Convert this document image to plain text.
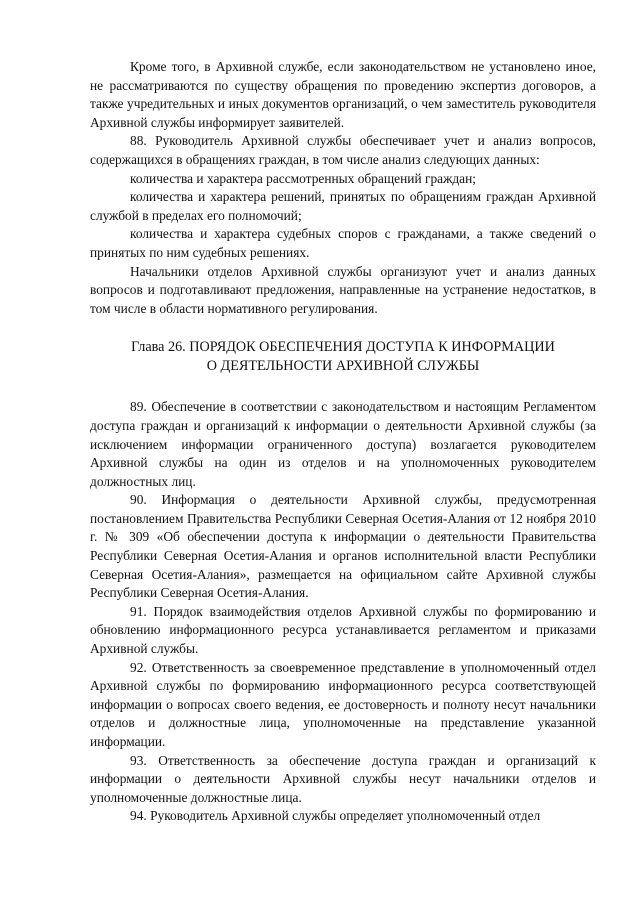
Кроме того, в Архивной службе, если законодательством не установлено иное, не рассматриваются по существу обращения по проведению экспертиз договоров, а также учредительных и иных документов организаций, о чем заместитель руководителя Архивной службы информирует заявителей.

88. Руководитель Архивной службы обеспечивает учет и анализ вопросов, содержащихся в обращениях граждан, в том числе анализ следующих данных:

количества и характера рассмотренных обращений граждан;

количества и характера решений, принятых по обращениям граждан Архивной службой в пределах его полномочий;

количества и характера судебных споров с гражданами, а также сведений о принятых по ним судебных решениях.

Начальники отделов Архивной службы организуют учет и анализ данных вопросов и подготавливают предложения, направленные на устранение недостатков, в том числе в области нормативного регулирования.

Глава 26. ПОРЯДОК ОБЕСПЕЧЕНИЯ ДОСТУПА К ИНФОРМАЦИИ
О ДЕЯТЕЛЬНОСТИ АРХИВНОЙ СЛУЖБЫ

89. Обеспечение в соответствии с законодательством и настоящим Регламентом доступа граждан и организаций к информации о деятельности Архивной службы (за исключением информации ограниченного доступа) возлагается руководителем Архивной службы на один из отделов и на уполномоченных руководителем должностных лиц.

90. Информация о деятельности Архивной службы, предусмотренная постановлением Правительства Республики Северная Осетия-Алания от 12 ноября 2010 г. № 309 «Об обеспечении доступа к информации о деятельности Правительства Республики Северная Осетия-Алания и органов исполнительной власти Республики Северная Осетия-Алания», размещается на официальном сайте Архивной службы Республики Северная Осетия-Алания.

91. Порядок взаимодействия отделов Архивной службы по формированию и обновлению информационного ресурса устанавливается регламентом и приказами Архивной службы.

92. Ответственность за своевременное представление в уполномоченный отдел Архивной службы по формированию информационного ресурса соответствующей информации о вопросах своего ведения, ее достоверность и полноту несут начальники отделов и должностные лица, уполномоченные на представление указанной информации.

93. Ответственность за обеспечение доступа граждан и организаций к информации о деятельности Архивной службы несут начальники отделов и уполномоченные должностные лица.

94. Руководитель Архивной службы определяет уполномоченный отдел
